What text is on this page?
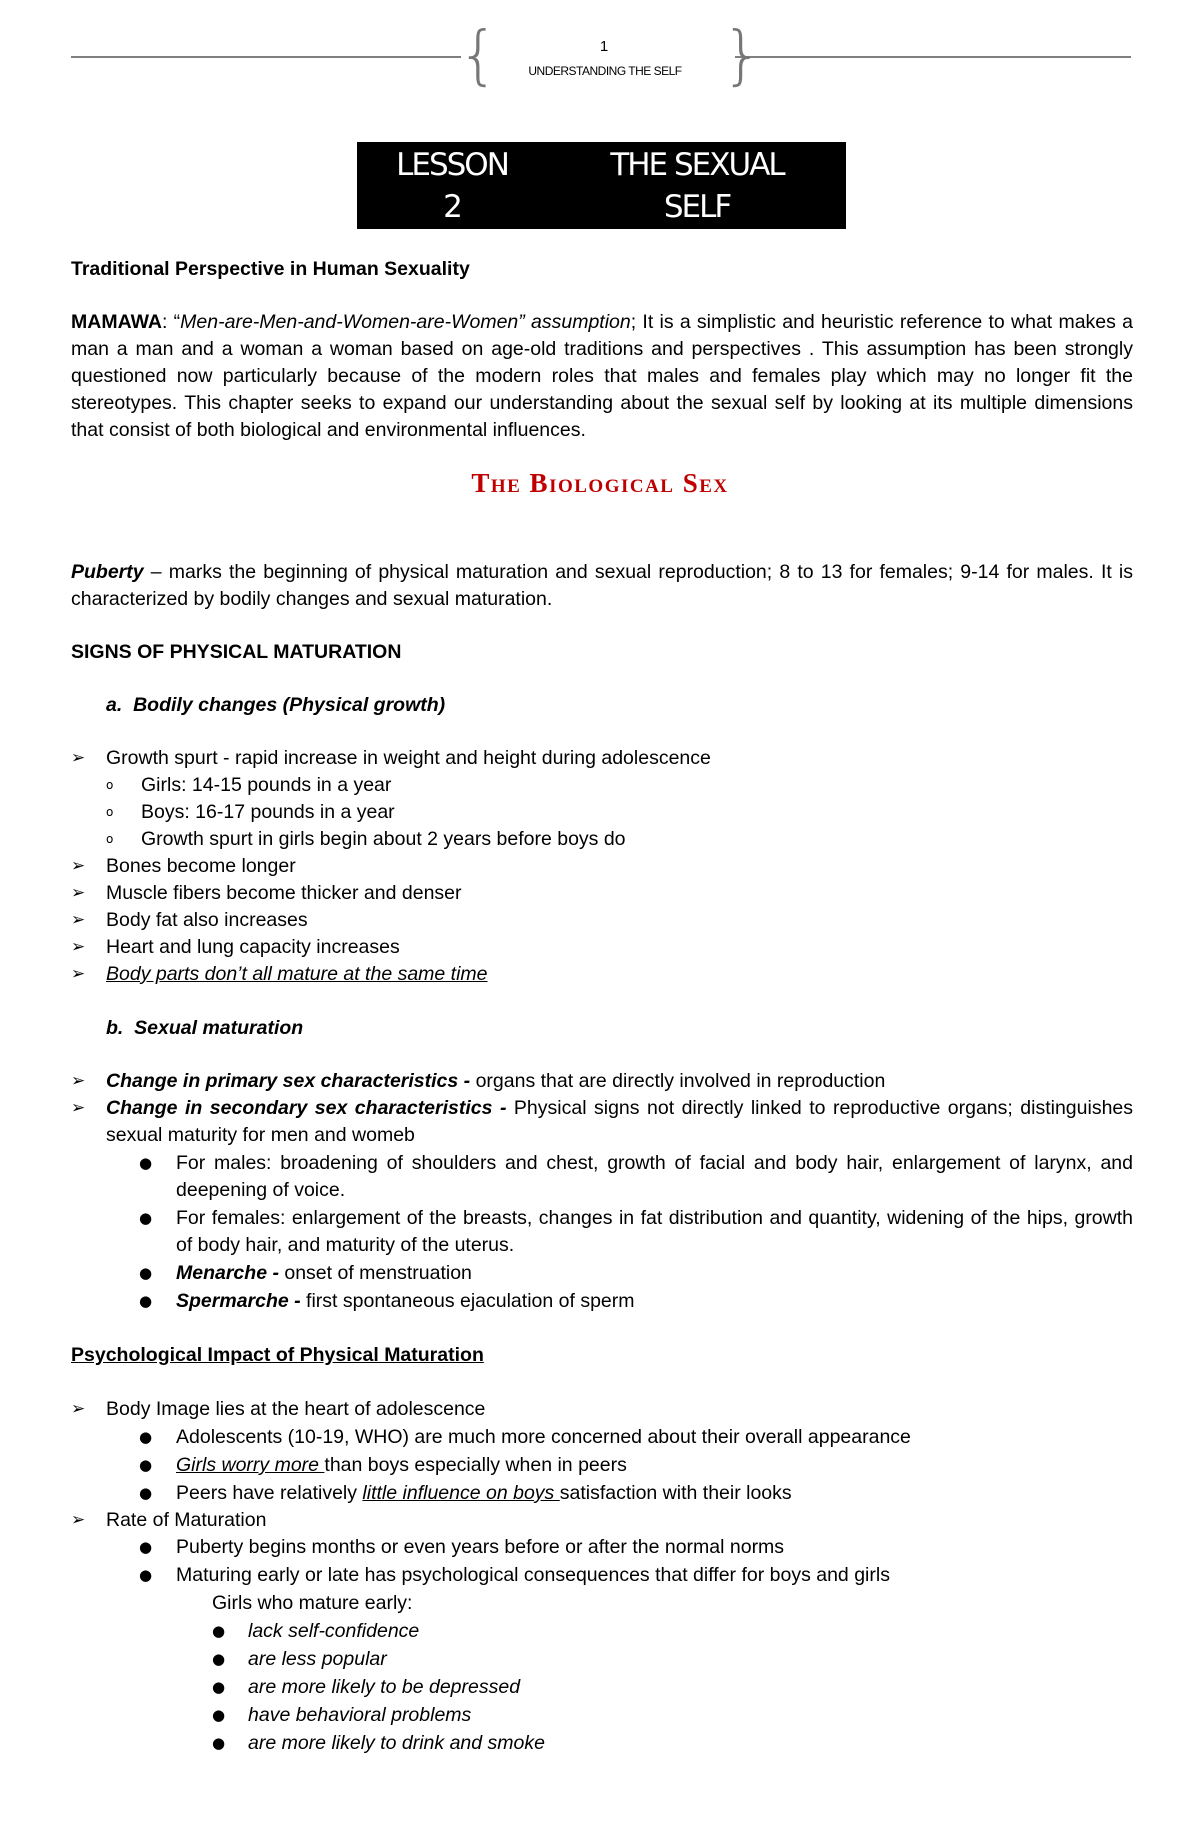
{	}
1
UNDERSTANDING THE SELF
LESSON
2
THE SEXUAL
SELF
Traditional Perspective in Human Sexuality
MAMAWA: “Men-are-Men-and-Women-are-Women” assumption; It is a simplistic and heuristic reference to what makes a man a man and a woman a woman based on age-old traditions and perspectives . This assumption has been strongly questioned now particularly because of the modern roles that males and females play which may no longer fit the stereotypes. This chapter seeks to expand our understanding about the sexual self by looking at its multiple dimensions that consist of both biological and environmental influences.
The Biological Sex
Puberty – marks the beginning of physical maturation and sexual reproduction; 8 to 13 for females; 9-14 for males. It is characterized by bodily changes and sexual maturation.
SIGNS OF PHYSICAL MATURATION
a.  Bodily changes (Physical growth)
➢ Growth spurt - rapid increase in weight and height during adolescence
o Girls: 14-15 pounds in a year
o Boys: 16-17 pounds in a year
o Growth spurt in girls begin about 2 years before boys do
➢ Bones become longer
➢ Muscle fibers become thicker and denser
➢ Body fat also increases
➢ Heart and lung capacity increases
➢ Body parts don’t all mature at the same time
b.  Sexual maturation
➢ Change in primary sex characteristics - organs that are directly involved in reproduction
➢ Change in secondary sex characteristics - Physical signs not directly linked to reproductive organs; distinguishes sexual maturity for men and womeb
● For males: broadening of shoulders and chest, growth of facial and body hair, enlargement of larynx, and deepening of voice.
● For females: enlargement of the breasts, changes in fat distribution and quantity, widening of the hips, growth of body hair, and maturity of the uterus.
● Menarche - onset of menstruation
● Spermarche - first spontaneous ejaculation of sperm
Psychological Impact of Physical Maturation
➢ Body Image lies at the heart of adolescence
● Adolescents (10-19, WHO) are much more concerned about their overall appearance
● Girls worry more than boys especially when in peers
● Peers have relatively little influence on boys satisfaction with their looks
➢ Rate of Maturation
● Puberty begins months or even years before or after the normal norms
● Maturing early or late has psychological consequences that differ for boys and girls
Girls who mature early:
● lack self-confidence
● are less popular
● are more likely to be depressed
● have behavioral problems
● are more likely to drink and smoke
